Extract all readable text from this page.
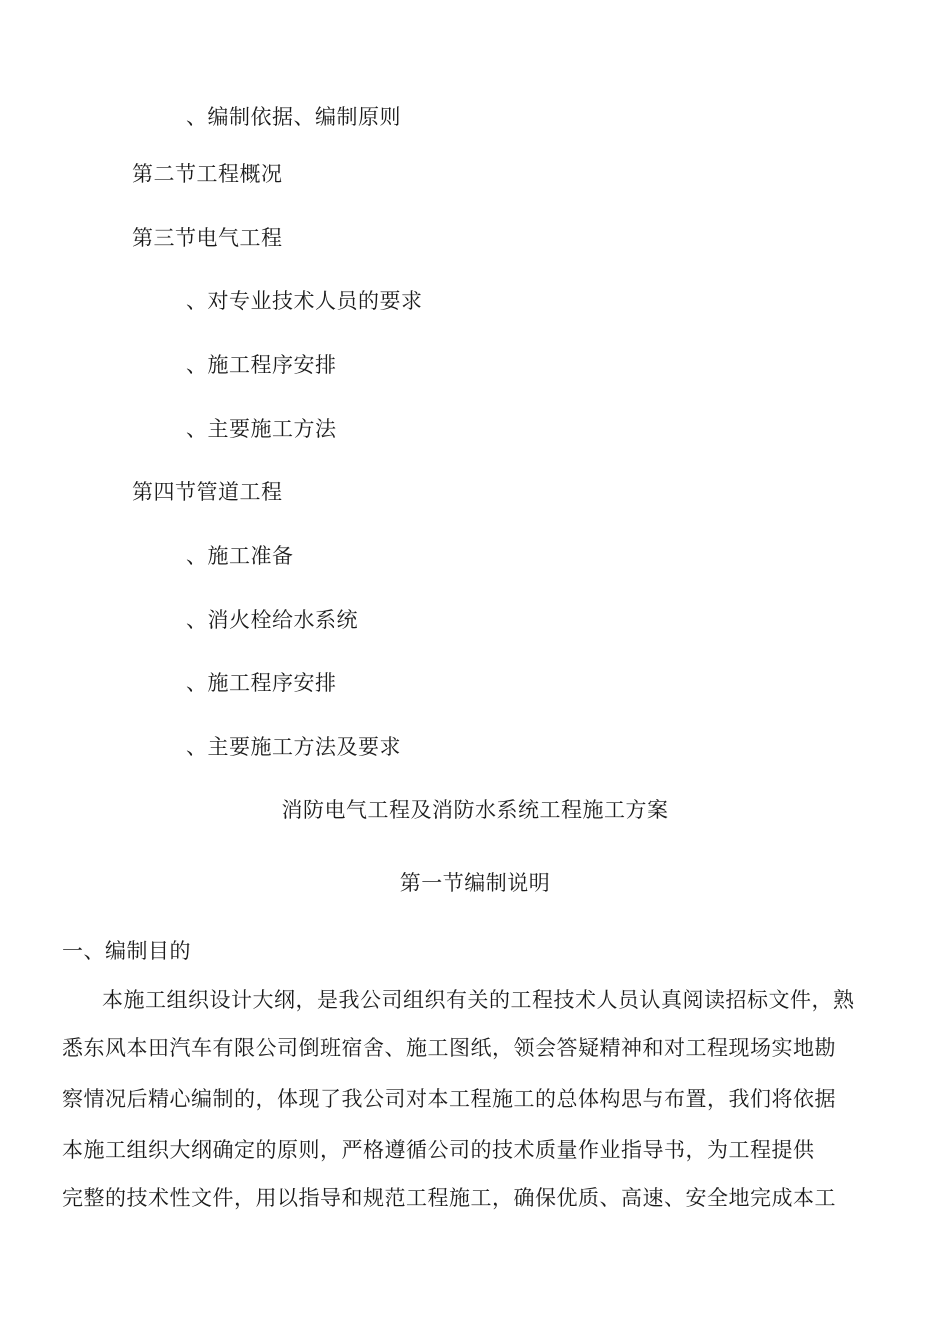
、编制依据、编制原则
第二节工程概况
第三节电气工程
、对专业技术人员的要求
、施工程序安排
、主要施工方法
第四节管道工程
、施工准备
、消火栓给水系统
、施工程序安排
、主要施工方法及要求
消防电气工程及消防水系统工程施工方案
第一节编制说明
一、编制目的
本施工组织设计大纲，是我公司组织有关的工程技术人员认真阅读招标文件，熟
悉东风本田汽车有限公司倒班宿舍、施工图纸，领会答疑精神和对工程现场实地勘
察情况后精心编制的，体现了我公司对本工程施工的总体构思与布置，我们将依据
本施工组织大纲确定的原则，严格遵循公司的技术质量作业指导书，为工程提供
完整的技术性文件，用以指导和规范工程施工，确保优质、高速、安全地完成本工
